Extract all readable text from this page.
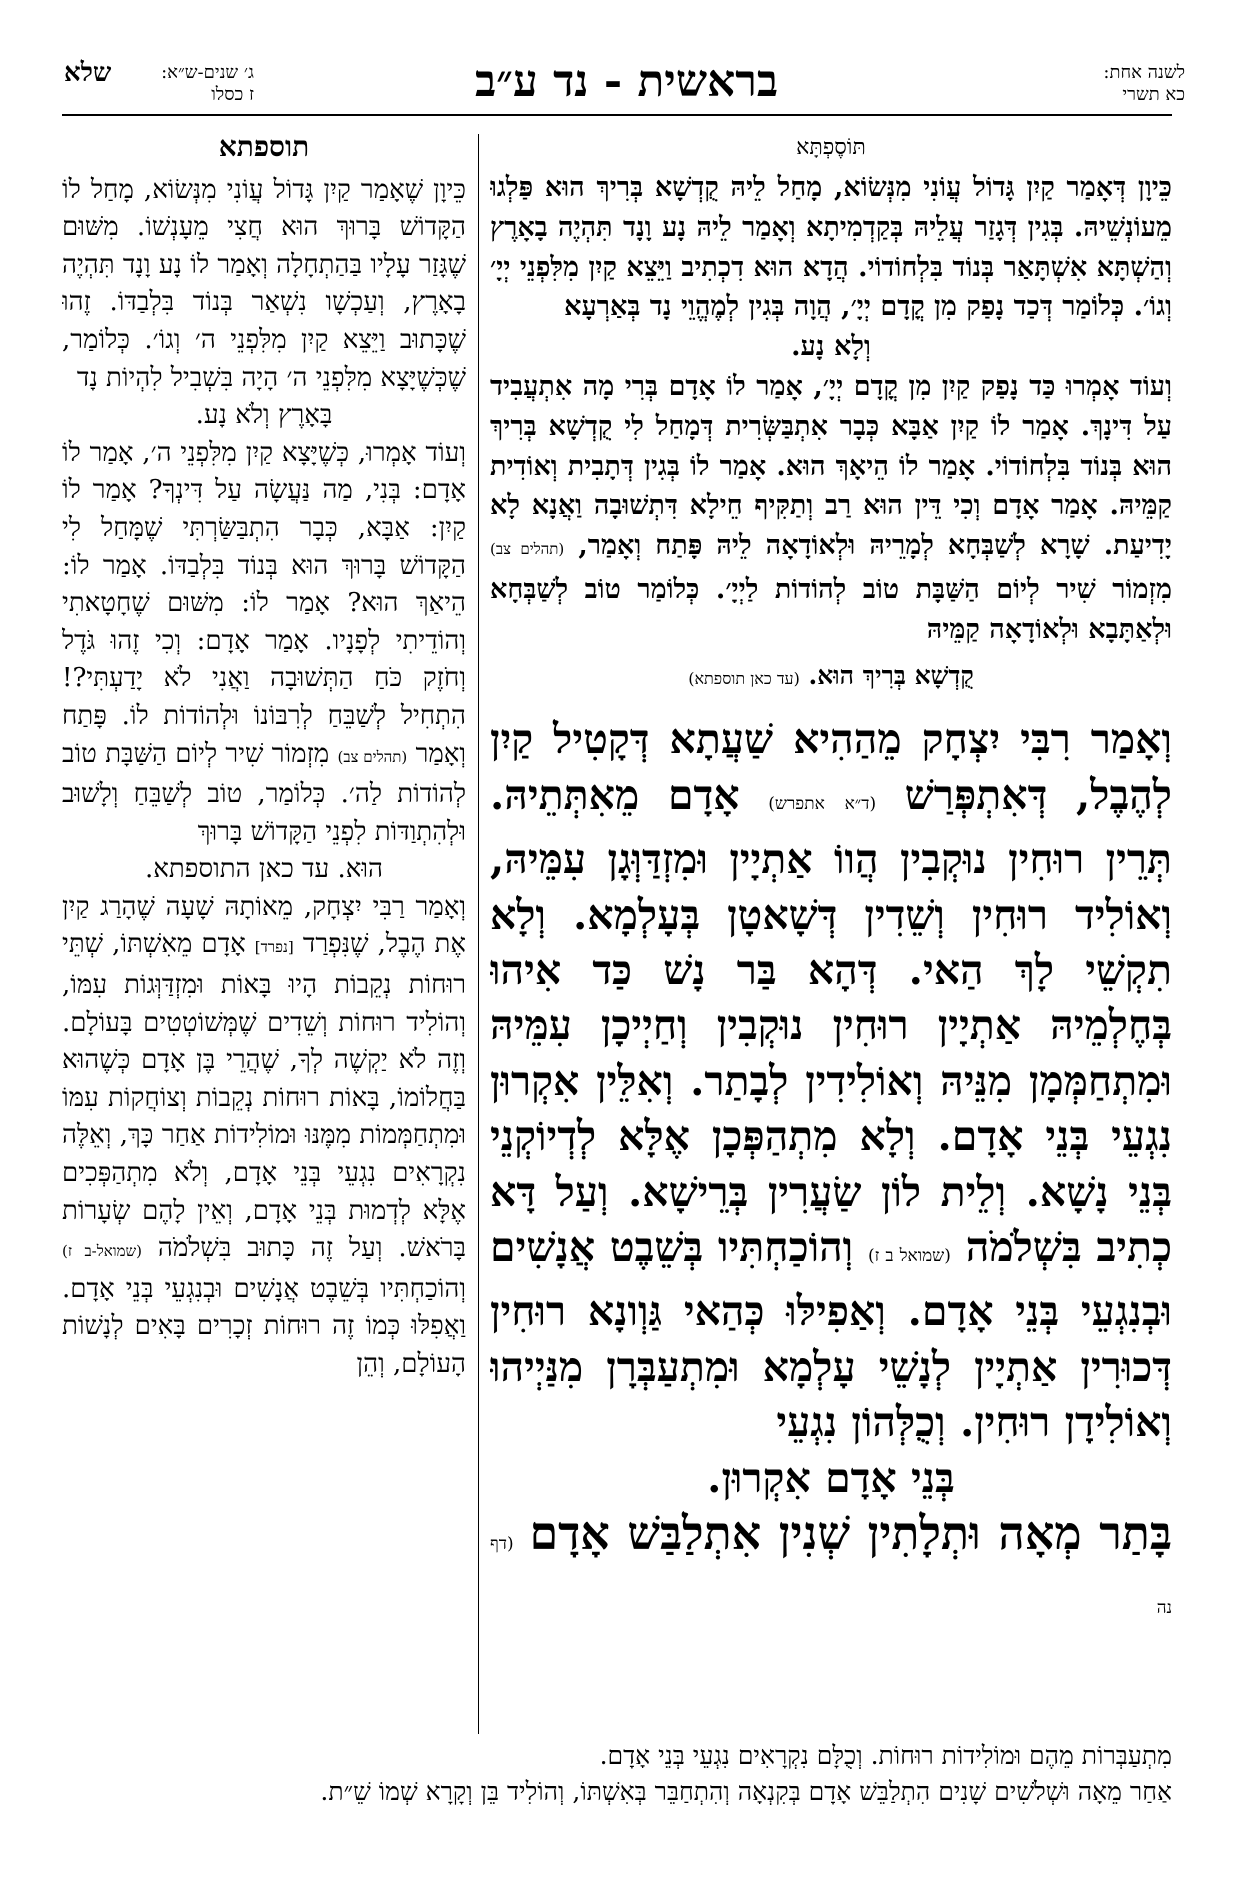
לשנה אחת:
כא תשרי
בראשית - נד ע״ב
שלא	ג׳ שנים-ש״א:
ז כסלו
תּוֹסֶפְתָּא

כֵּיוָן דְּאָמַר קַיִן גָּדוֹל עֲוֹנִי מִנְּשׂוֹא, מָחַל לֵיהּ קֻדְשָׁא בְּרִיךְ הוּא פַּלְגוּ מֵעוֹנְשֵׁיהּ. בְּגִין דְּגָזַר עֲלֵיהּ בְּקַדְמִיתָא וְאָמַר לֵיהּ נָע וָנָד תִּהְיֶה בָאָרֶץ וְהַשְׁתָּא אִשְׁתָּאַר בְּנוֹד בִּלְחוֹדוֹי. הֲדָא הוּא דִכְתִיב וַיֵּצֵא קַיִן מִלִּפְנֵי יְיָ׳ וְגוֹ׳. כְּלוֹמַר דְּכַד נָפַק מִן קֳדָם יְיָ׳, הֲוָה בְּגִין לְמֶהֱוֵי נָד בְּאַרְעָא

וְלָא נָע.

וְעוֹד אָמְרוּ כַּד נָפַק קַיִן מִן קֳדָם יְיָ׳, אָמַר לוֹ אָדָם בְּרִי מָה אִתְעֲבִיד עַל דִּינָךְ. אָמַר לוֹ קַיִן אַבָּא כְּבָר אִתְבַּשְּׂרִית דְּמָחַל לִי קֻדְשָׁא בְּרִיךְ הוּא בְּנוֹד בִּלְחוֹדוֹי. אָמַר לוֹ הֵיאָךְ הוּא. אָמַר לוֹ בְּגִין דְּתָבִית וְאוֹדִית קַמֵּיהּ. אָמַר אָדָם וְכִי דֵּין הוּא רַב וְתַקִּיף חֵילָא דִּתְשׁוּבָה וַאֲנָא לָא יָדִיעַת. שָׁרָא לְשַׁבְּחָא לְמָרֵיהּ וּלְאוֹדָאָה לֵיהּ פָּתַח וְאָמַר, (תהלים צב) מִזְמוֹר שִׁיר לְיוֹם הַשַּׁבָּת טוֹב לְהוֹדוֹת לַיְיָ׳. כְּלוֹמַר טוֹב לְשַׁבְּחָא וּלְאַתָּבָא וּלְאוֹדָאָה קַמֵּיהּ

קֻדְשָׁא בְּרִיךְ הוּא. (עד כאן תוספתא)

וְאָמַר רִבִּי יִצְחָק מֵהַהִיא שַׁעֲתָא דְּקָטִיל קַיִן לְהֶבֶל, דְּאִתְפְּרַשׁ (ד״א אתפרש) אָדָם מֵאִתְּתֵיהּ. תְּרֵין רוּחִין נוּקְבִין הֲווֹ אַתְיָין וּמִזְדַּוְּגָן עִמֵּיהּ, וְאוֹלִיד רוּחִין וְשֵׁדִין דְּשָׁאטָן בְּעָלְמָא. וְלָא תִקְשֵׁי לָךְ הַאי. דְּהָא בַּר נָשׁ כַּד אִיהוּ בְּחֶלְמֵיהּ אַתְיָין רוּחִין נוּקְבִין וְחַיְיכָן עִמֵּיהּ וּמִתְחַמְּמָן מִנֵּיהּ וְאוֹלִידִין לְבָתַר. וְאִלֵּין אִקְרוּן נִגְעֵי בְּנֵי אָדָם. וְלָא מִתְהַפְּכָן אֶלָּא לְדְיוֹקְנֵי בְּנֵי נָשָׁא. וְלֵית לוֹן שַׂעֲרִין בְּרֵישָׁא. וְעַל דָּא כְתִיב בִּשְׁלֹמֹה (שמואל ב ז) וְהוֹכַחְתִּיו בְּשֵׁבֶט אֲנָשִׁים וּבְנִגְעֵי בְּנֵי אָדָם. וְאַפִילּוּ כְּהַאי גַּוְונָא רוּחִין דְּכוּרִין אַתְיָין לְנָשֵׁי עָלְמָא וּמִתְעַבְּרָן מִנַּיְיהוּ וְאוֹלִידָן רוּחִין. וְכֻלְּהוֹן נִגְעֵי

בְּנֵי אָדָם אִקְרוּן.

בָּתַר מְאָה וּתְלָתִין שְׁנִין אִתְלַבַּשׁ אָדָם (דף נה

תוספתא

כֵּיוָן שֶׁאָמַר קַיִן גָּדוֹל עֲוֹנִי מִנְּשׂוֹא, מָחַל לוֹ הַקָּדוֹשׁ בָּרוּךְ הוּא חֲצִי מֵעָנְשׁוֹ. מִשּׁוּם שֶׁגָּזַר עָלָיו בַּהַתְחָלָה וְאָמַר לוֹ נָע וָנָד תִּהְיֶה בָאָרֶץ, וְעַכְשָׁו נִשְׁאַר בְּנוֹד בִּלְבַדּוֹ. זֶהוּ שֶׁכָּתוּב וַיֵּצֵא קַיִן מִלִּפְנֵי ה׳ וְגוֹ׳. כְּלוֹמַר, שֶׁכְּשֶׁיָּצָא מִלִּפְנֵי ה׳ הָיָה בִּשְׁבִיל לִהְיוֹת נָד

בָּאָרֶץ וְלֹא נָע.

וְעוֹד אָמְרוּ, כְּשֶׁיָּצָא קַיִן מִלִּפְנֵי ה׳, אָמַר לוֹ אָדָם: בְּנִי, מַה נַּעֲשָׂה עַל דִּינְךָ? אָמַר לוֹ קַיִן: אַבָּא, כְּבָר הִתְבַּשַּׂרְתִּי שֶׁמָּחַל לִי הַקָּדוֹשׁ בָּרוּךְ הוּא בְּנוֹד בִּלְבַדּוֹ. אָמַר לוֹ: הֵיאַךְ הוּא? אָמַר לוֹ: מִשּׁוּם שֶׁחָטָאתִי וְהוֹדֵיתִי לְפָנָיו. אָמַר אָדָם: וְכִי זֶהוּ גֹּדֶל וְחֹזֶק כֹּחַ הַתְּשׁוּבָה וַאֲנִי לֹא יָדַעְתִּי?! הִתְחִיל לְשַׁבֵּחַ לְרִבּוֹנוֹ וּלְהוֹדוֹת לוֹ. פָּתַח וְאָמַר (תהלים צב) מִזְמוֹר שִׁיר לְיוֹם הַשַּׁבָּת טוֹב לְהוֹדוֹת לַה׳. כְּלוֹמַר, טוֹב לְשַׁבֵּחַ וְלָשׁוּב וּלְהִתְוַדּוֹת לִפְנֵי הַקָּדוֹשׁ בָּרוּךְ

הוּא. עד כאן התוספתא.

וְאָמַר רַבִּי יִצְחָק, מֵאוֹתָהּ שָׁעָה שֶׁהָרַג קַיִן אֶת הֶבֶל, שֶׁנִּפְרַד [נפרד] אָדָם מֵאִשְׁתּוֹ, שְׁתֵּי רוּחוֹת נְקֵבוֹת הָיוּ בָּאוֹת וּמִזְדַּוְּגוֹת עִמּוֹ, וְהוֹלִיד רוּחוֹת וְשֵׁדִים שֶׁמְּשׁוֹטְטִים בָּעוֹלָם. וְזֶה לֹא יַקְשֶׁה לְךָ, שֶׁהֲרֵי בֶּן אָדָם כְּשֶׁהוּא בַּחֲלוֹמוֹ, בָּאוֹת רוּחוֹת נְקֵבוֹת וְצוֹחֲקוֹת עִמּוֹ וּמִתְחַמְּמוֹת מִמֶּנּוּ וּמוֹלִידוֹת אַחַר כָּךְ, וְאֵלֶּה נִקְרָאִים נִגְעֵי בְּנֵי אָדָם, וְלֹא מִתְהַפְּכִים אֶלָּא לְדְמוּת בְּנֵי אָדָם, וְאֵין לָהֶם שְׂעָרוֹת בָּרֹאשׁ. וְעַל זֶה כָּתוּב בִּשְׁלֹמֹה (שמואל-ב ז) וְהוֹכַחְתִּיו בְּשֵׁבֶט אֲנָשִׁים וּבְנִגְעֵי בְּנֵי אָדָם. וַאֲפִלּוּ כְּמוֹ זֶה רוּחוֹת זְכָרִים בָּאִים לְנָשׁוֹת הָעוֹלָם, וְהֵן

מִתְעַבְּרוֹת מֵהֶם וּמוֹלִידוֹת רוּחוֹת. וְכֻלָּם נִקְרָאִים נִגְעֵי בְּנֵי אָדָם.

אַחַר מֵאָה וּשְׁלֹשִׁים שָׁנִים הִתְלַבֵּשׁ אָדָם בְּקִנְאָה וְהִתְחַבֵּר בְּאִשְׁתּוֹ, וְהוֹלִיד בֵּן וְקָרָא שְׁמוֹ שֵׁ״ת.
